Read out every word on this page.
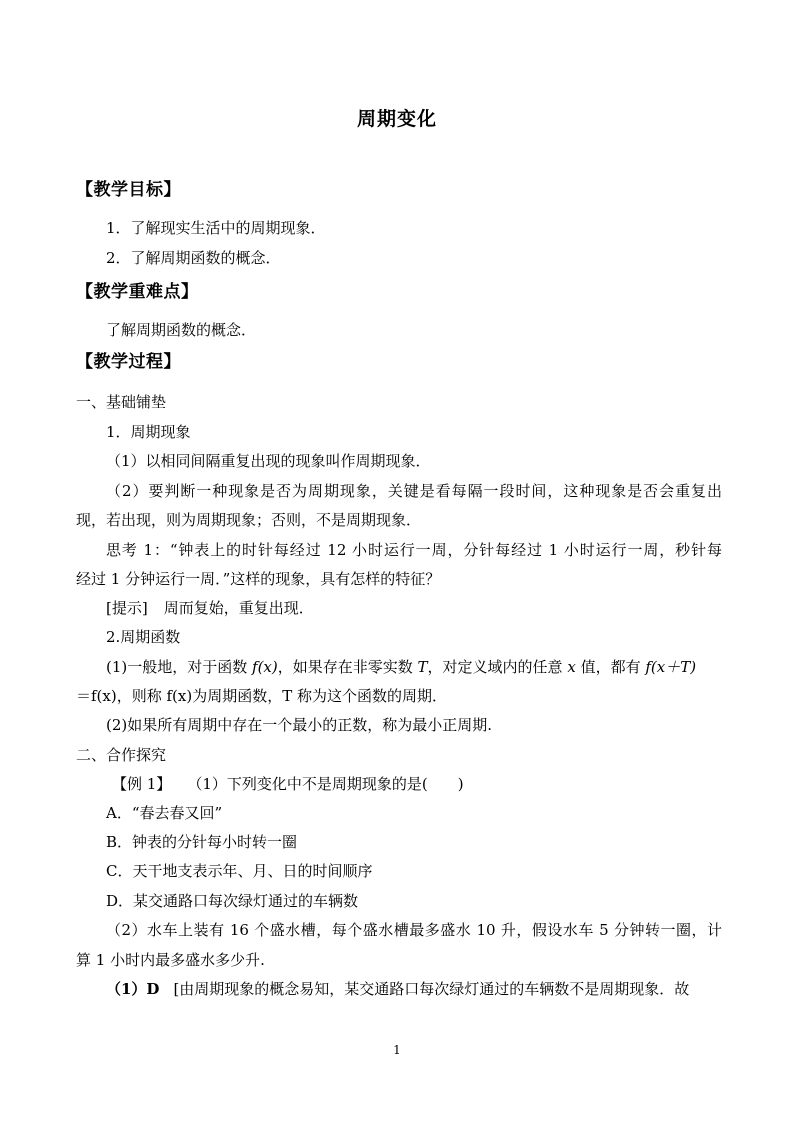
周期变化
【教学目标】
1．了解现实生活中的周期现象．
2．了解周期函数的概念．
【教学重难点】
了解周期函数的概念．
【教学过程】
一、基础铺垫
1．周期现象
（1）以相同间隔重复出现的现象叫作周期现象．
（2）要判断一种现象是否为周期现象，关键是看每隔一段时间，这种现象是否会重复出
现，若出现，则为周期现象；否则，不是周期现象．
思考 1：“钟表上的时针每经过 12 小时运行一周，分针每经过 1 小时运行一周，秒针每
经过 1 分钟运行一周．”这样的现象，具有怎样的特征？
[提示] 周而复始，重复出现．
2.周期函数
(1)一般地，对于函数 f(x)，如果存在非零实数 T，对定义域内的任意 x 值，都有 f(x＋T)
＝f(x)，则称 f(x)为周期函数，T 称为这个函数的周期．
(2)如果所有周期中存在一个最小的正数，称为最小正周期.
二、合作探究
【例 1】 （1）下列变化中不是周期现象的是(　　)
A．“春去春又回”
B．钟表的分针每小时转一圈
C．天干地支表示年、月、日的时间顺序
D．某交通路口每次绿灯通过的车辆数
（2）水车上装有 16 个盛水槽，每个盛水槽最多盛水 10 升，假设水车 5 分钟转一圈，计
算 1 小时内最多盛水多少升.
（1）D [由周期现象的概念易知，某交通路口每次绿灯通过的车辆数不是周期现象．故
1
